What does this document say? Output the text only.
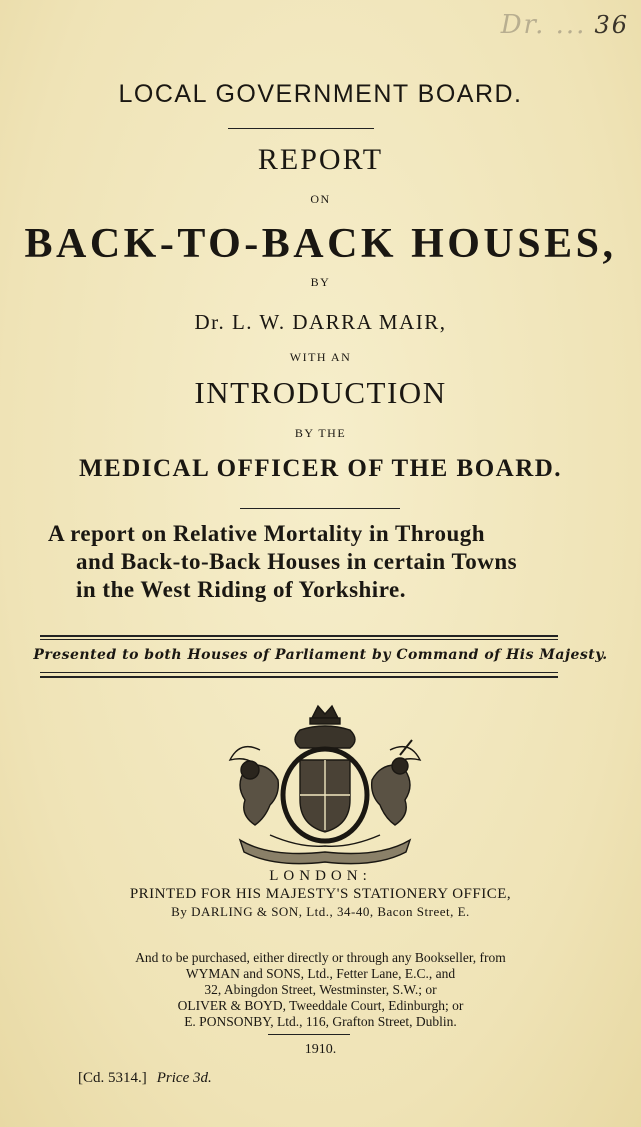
Dr. ... 36
LOCAL GOVERNMENT BOARD.
REPORT
ON
BACK-TO-BACK HOUSES,
BY
Dr. L. W. DARRA MAIR,
WITH AN
INTRODUCTION
BY THE
MEDICAL OFFICER OF THE BOARD.
A report on Relative Mortality in Through
and Back-to-Back Houses in certain Towns
in the West Riding of Yorkshire.
Presented to both Houses of Parliament by Command of His Majesty.
LONDON:
PRINTED FOR HIS MAJESTY'S STATIONERY OFFICE,
By DARLING & SON, Ltd., 34-40, Bacon Street, E.
And to be purchased, either directly or through any Bookseller, from
WYMAN and SONS, Ltd., Fetter Lane, E.C., and
32, Abingdon Street, Westminster, S.W.; or
OLIVER & BOYD, Tweeddale Court, Edinburgh; or
E. PONSONBY, Ltd., 116, Grafton Street, Dublin.
1910.
[Cd. 5314.] Price 3d.
